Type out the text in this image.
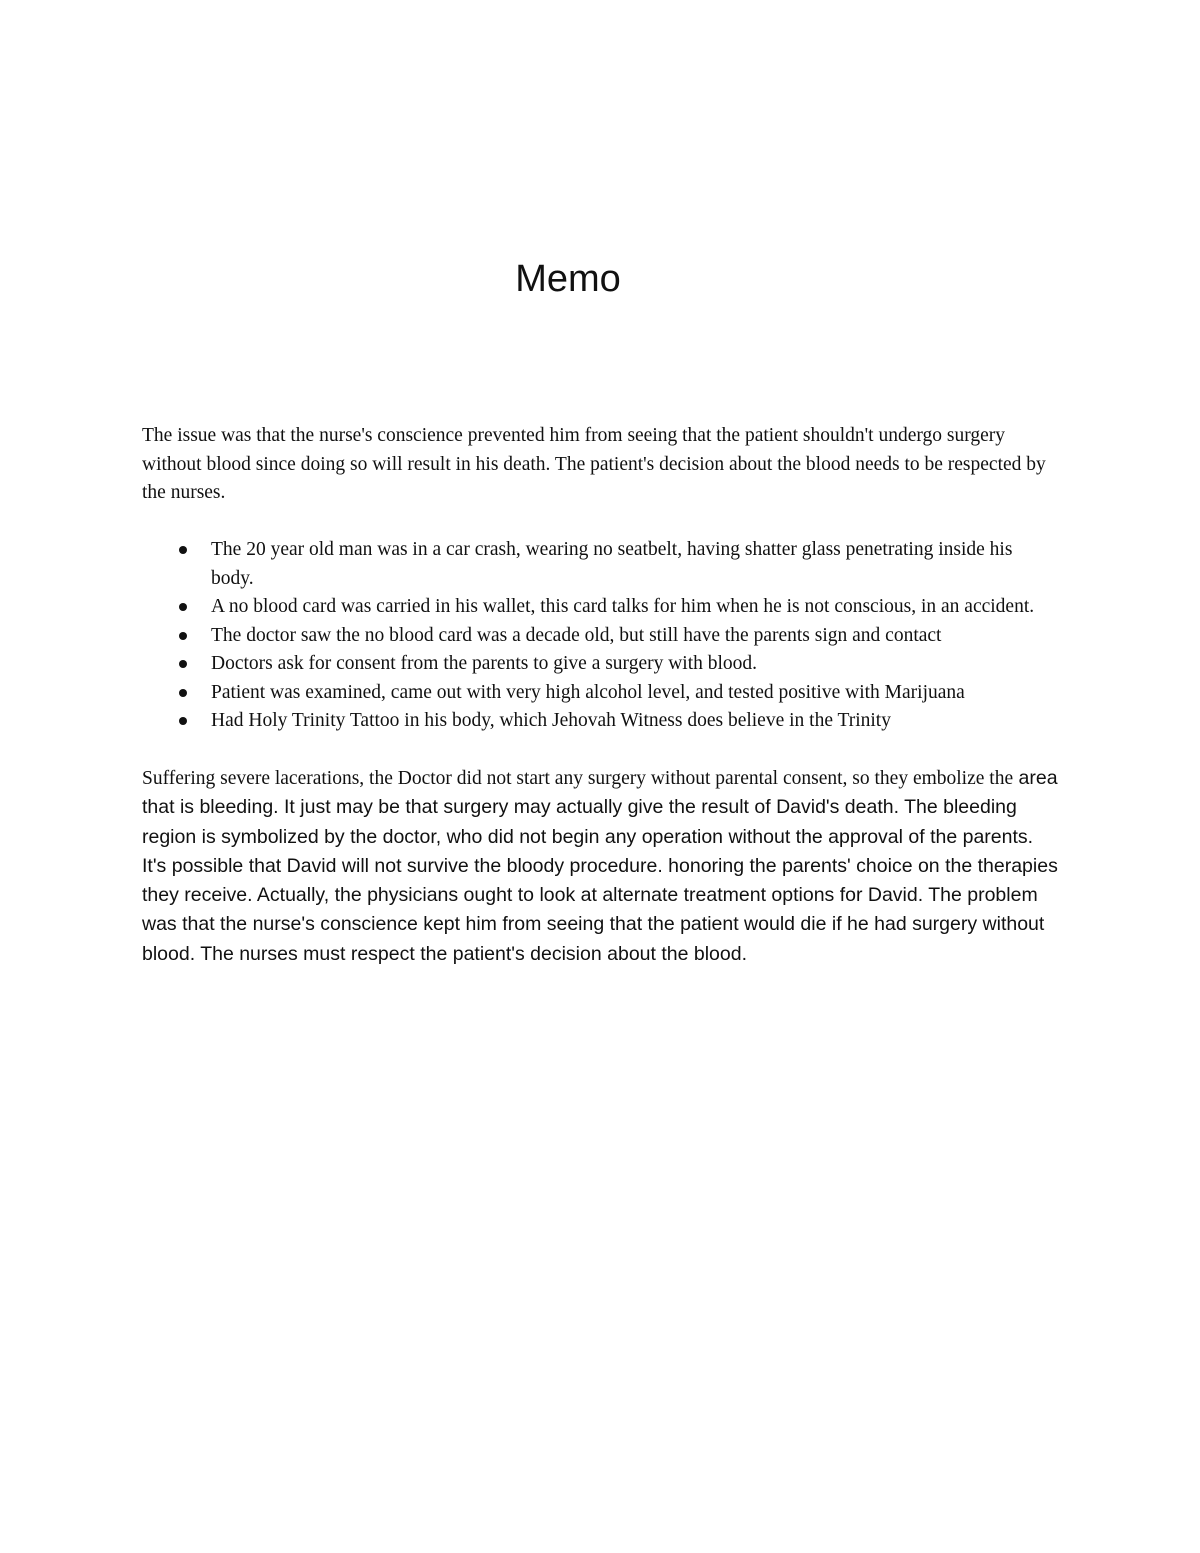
Memo

The issue was that the nurse's conscience prevented him from seeing that the patient shouldn't undergo surgery without blood since doing so will result in his death. The patient's decision about the blood needs to be respected by the nurses.

The 20 year old man was in a car crash, wearing no seatbelt, having shatter glass penetrating inside his body.
A no blood card was carried in his wallet, this card talks for him when he is not conscious, in an accident.
The doctor saw the no blood card was a decade old, but still have the parents sign and contact
Doctors ask for consent from the parents to give a surgery with blood.
Patient was examined, came out with very high alcohol level, and tested positive with Marijuana
Had Holy Trinity Tattoo in his body, which Jehovah Witness does believe in the Trinity

Suffering severe lacerations, the Doctor did not start any surgery without parental consent, so they embolize the area that is bleeding. It just may be that surgery may actually give the result of David's death. The bleeding region is symbolized by the doctor, who did not begin any operation without the approval of the parents. It's possible that David will not survive the bloody procedure. honoring the parents' choice on the therapies they receive. Actually, the physicians ought to look at alternate treatment options for David. The problem was that the nurse's conscience kept him from seeing that the patient would die if he had surgery without blood. The nurses must respect the patient's decision about the blood.
